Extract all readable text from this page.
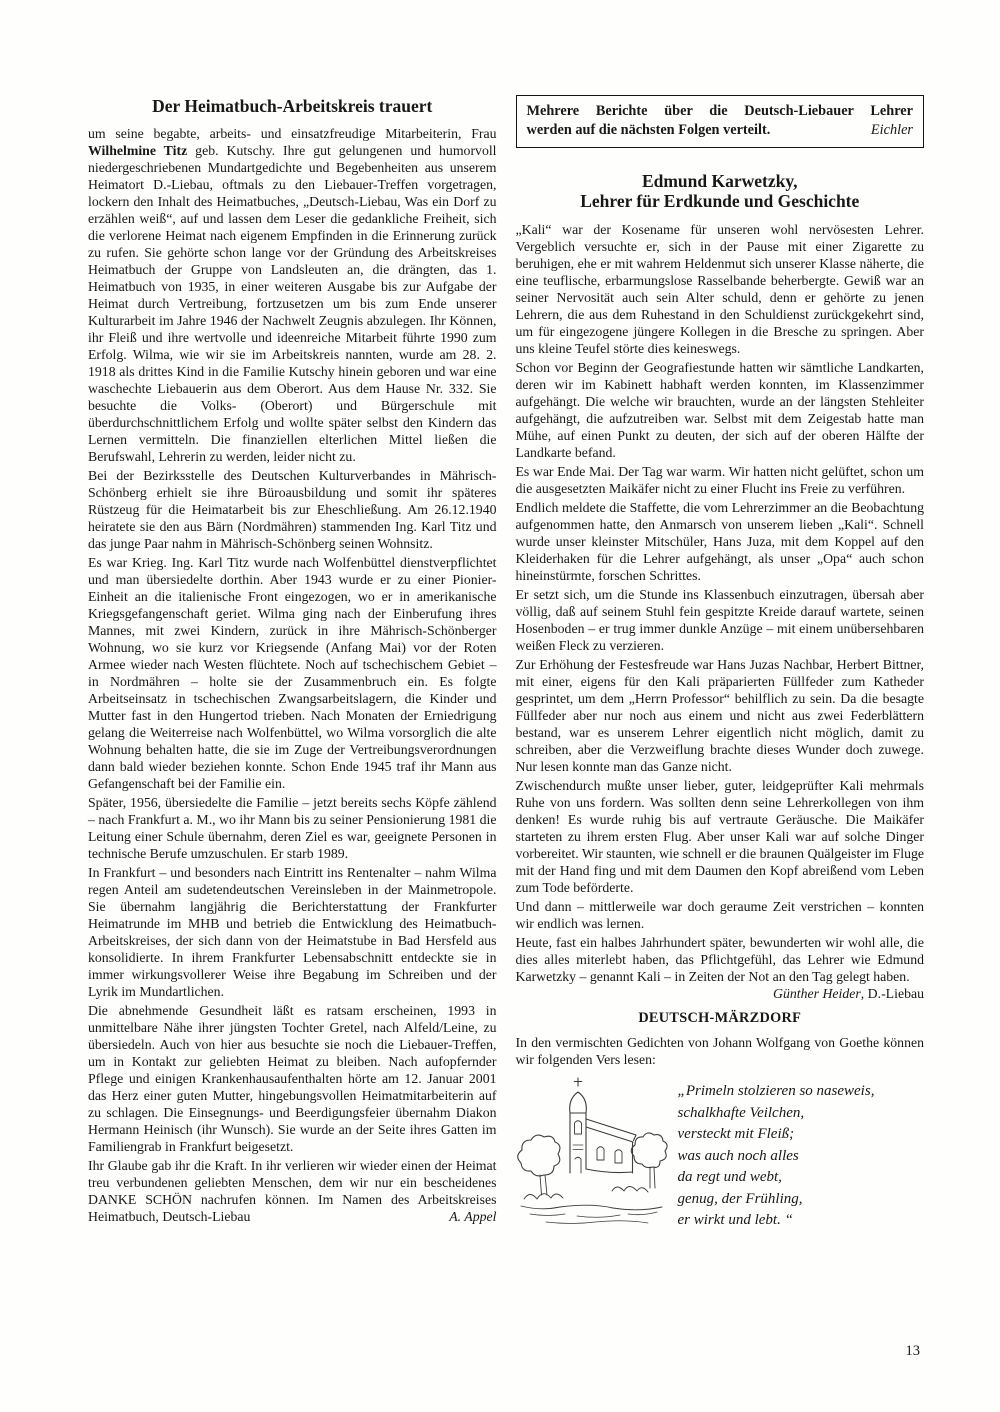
Der Heimatbuch-Arbeitskreis trauert

um seine begabte, arbeits- und einsatzfreudige Mitarbeiterin, Frau Wilhelmine Titz geb. Kutschy. Ihre gut gelungenen und humorvoll niedergeschriebenen Mundartgedichte und Begebenheiten aus unserem Heimatort D.-Liebau, oftmals zu den Liebauer-Treffen vorgetragen, lockern den Inhalt des Heimatbuches, „Deutsch-Liebau, Was ein Dorf zu erzählen weiß“, auf und lassen dem Leser die gedankliche Freiheit, sich die verlorene Heimat nach eigenem Empfinden in die Erinnerung zurück zu rufen. Sie gehörte schon lange vor der Gründung des Arbeitskreises Heimatbuch der Gruppe von Landsleuten an, die drängten, das 1. Heimatbuch von 1935, in einer weiteren Ausgabe bis zur Aufgabe der Heimat durch Vertreibung, fortzusetzen um bis zum Ende unserer Kulturarbeit im Jahre 1946 der Nachwelt Zeugnis abzulegen. Ihr Können, ihr Fleiß und ihre wertvolle und ideenreiche Mitarbeit führte 1990 zum Erfolg. Wilma, wie wir sie im Arbeitskreis nannten, wurde am 28. 2. 1918 als drittes Kind in die Familie Kutschy hinein geboren und war eine waschechte Liebauerin aus dem Oberort. Aus dem Hause Nr. 332. Sie besuchte die Volks- (Oberort) und Bürgerschule mit überdurchschnittlichem Erfolg und wollte später selbst den Kindern das Lernen vermitteln. Die finanziellen elterlichen Mittel ließen die Berufswahl, Lehrerin zu werden, leider nicht zu.

Bei der Bezirksstelle des Deutschen Kulturverbandes in Mährisch-Schönberg erhielt sie ihre Büroausbildung und somit ihr späteres Rüstzeug für die Heimatarbeit bis zur Eheschließung. Am 26.12.1940 heiratete sie den aus Bärn (Nordmähren) stammenden Ing. Karl Titz und das junge Paar nahm in Mährisch-Schönberg seinen Wohnsitz.

Es war Krieg. Ing. Karl Titz wurde nach Wolfenbüttel dienstverpflichtet und man übersiedelte dorthin. Aber 1943 wurde er zu einer Pionier-Einheit an die italienische Front eingezogen, wo er in amerikanische Kriegsgefangenschaft geriet. Wilma ging nach der Einberufung ihres Mannes, mit zwei Kindern, zurück in ihre Mährisch-Schönberger Wohnung, wo sie kurz vor Kriegsende (Anfang Mai) vor der Roten Armee wieder nach Westen flüchtete. Noch auf tschechischem Gebiet – in Nordmähren – holte sie der Zusammenbruch ein. Es folgte Arbeitseinsatz in tschechischen Zwangsarbeitslagern, die Kinder und Mutter fast in den Hungertod trieben. Nach Monaten der Erniedrigung gelang die Weiterreise nach Wolfenbüttel, wo Wilma vorsorglich die alte Wohnung behalten hatte, die sie im Zuge der Vertreibungsverordnungen dann bald wieder beziehen konnte. Schon Ende 1945 traf ihr Mann aus Gefangenschaft bei der Familie ein.

Später, 1956, übersiedelte die Familie – jetzt bereits sechs Köpfe zählend – nach Frankfurt a. M., wo ihr Mann bis zu seiner Pensionierung 1981 die Leitung einer Schule übernahm, deren Ziel es war, geeignete Personen in technische Berufe umzuschulen. Er starb 1989.

In Frankfurt – und besonders nach Eintritt ins Rentenalter – nahm Wilma regen Anteil am sudetendeutschen Vereinsleben in der Mainmetropole. Sie übernahm langjährig die Berichterstattung der Frankfurter Heimatrunde im MHB und betrieb die Entwicklung des Heimatbuch-Arbeitskreises, der sich dann von der Heimatstube in Bad Hersfeld aus konsolidierte. In ihrem Frankfurter Lebensabschnitt entdeckte sie in immer wirkungsvollerer Weise ihre Begabung im Schreiben und der Lyrik im Mundartlichen.

Die abnehmende Gesundheit läßt es ratsam erscheinen, 1993 in unmittelbare Nähe ihrer jüngsten Tochter Gretel, nach Alfeld/Leine, zu übersiedeln. Auch von hier aus besuchte sie noch die Liebauer-Treffen, um in Kontakt zur geliebten Heimat zu bleiben. Nach aufopfernder Pflege und einigen Krankenhausaufenthalten hörte am 12. Januar 2001 das Herz einer guten Mutter, hingebungsvollen Heimatmitarbeiterin auf zu schlagen. Die Einsegnungs- und Beerdigungsfeier übernahm Diakon Hermann Heinisch (ihr Wunsch). Sie wurde an der Seite ihres Gatten im Familiengrab in Frankfurt beigesetzt.

Ihr Glaube gab ihr die Kraft. In ihr verlieren wir wieder einen der Heimat treu verbundenen geliebten Menschen, dem wir nur ein bescheidenes DANKE SCHÖN nachrufen können. Im Namen des Arbeitskreises Heimatbuch, Deutsch-Liebau	A. Appel

Mehrere Berichte über die Deutsch-Liebauer Lehrer
werden auf die nächsten Folgen verteilt.	Eichler
Edmund Karwetzky,
Lehrer für Erdkunde und Geschichte

„Kali“ war der Kosename für unseren wohl nervösesten Lehrer. Vergeblich versuchte er, sich in der Pause mit einer Zigarette zu beruhigen, ehe er mit wahrem Heldenmut sich unserer Klasse näherte, die eine teuflische, erbarmungslose Rasselbande beherbergte. Gewiß war an seiner Nervosität auch sein Alter schuld, denn er gehörte zu jenen Lehrern, die aus dem Ruhestand in den Schuldienst zurückgekehrt sind, um für eingezogene jüngere Kollegen in die Bresche zu springen. Aber uns kleine Teufel störte dies keineswegs.

Schon vor Beginn der Geografiestunde hatten wir sämtliche Landkarten, deren wir im Kabinett habhaft werden konnten, im Klassenzimmer aufgehängt. Die welche wir brauchten, wurde an der längsten Stehleiter aufgehängt, die aufzutreiben war. Selbst mit dem Zeigestab hatte man Mühe, auf einen Punkt zu deuten, der sich auf der oberen Hälfte der Landkarte befand.

Es war Ende Mai. Der Tag war warm. Wir hatten nicht gelüftet, schon um die ausgesetzten Maikäfer nicht zu einer Flucht ins Freie zu verführen.

Endlich meldete die Staffette, die vom Lehrerzimmer an die Beobachtung aufgenommen hatte, den Anmarsch von unserem lieben „Kali“. Schnell wurde unser kleinster Mitschüler, Hans Juza, mit dem Koppel auf den Kleiderhaken für die Lehrer aufgehängt, als unser „Opa“ auch schon hineinstürmte, forschen Schrittes.

Er setzt sich, um die Stunde ins Klassenbuch einzutragen, übersah aber völlig, daß auf seinem Stuhl fein gespitzte Kreide darauf wartete, seinen Hosenboden – er trug immer dunkle Anzüge – mit einem unübersehbaren weißen Fleck zu verzieren.

Zur Erhöhung der Festesfreude war Hans Juzas Nachbar, Herbert Bittner, mit einer, eigens für den Kali präparierten Füllfeder zum Katheder gesprintet, um dem „Herrn Professor“ behilflich zu sein. Da die besagte Füllfeder aber nur noch aus einem und nicht aus zwei Federblättern bestand, war es unserem Lehrer eigentlich nicht möglich, damit zu schreiben, aber die Verzweiflung brachte dieses Wunder doch zuwege. Nur lesen konnte man das Ganze nicht.

Zwischendurch mußte unser lieber, guter, leidgeprüfter Kali mehrmals Ruhe von uns fordern. Was sollten denn seine Lehrerkollegen von ihm denken! Es wurde ruhig bis auf vertraute Geräusche. Die Maikäfer starteten zu ihrem ersten Flug. Aber unser Kali war auf solche Dinger vorbereitet. Wir staunten, wie schnell er die braunen Quälgeister im Fluge mit der Hand fing und mit dem Daumen den Kopf abreißend vom Leben zum Tode beförderte.

Und dann – mittlerweile war doch geraume Zeit verstrichen – konnten wir endlich was lernen.

Heute, fast ein halbes Jahrhundert später, bewunderten wir wohl alle, die dies alles miterlebt haben, das Pflichtgefühl, das Lehrer wie Edmund Karwetzky – genannt Kali – in Zeiten der Not an den Tag gelegt haben.
Günther Heider, D.-Liebau

DEUTSCH-MÄRZDORF

In den vermischten Gedichten von Johann Wolfgang von Goethe können wir folgenden Vers lesen:

„Primeln stolzieren so naseweis,
schalkhafte Veilchen,
versteckt mit Fleiß;
was auch noch alles
da regt und webt,
genug, der Frühling,
er wirkt und lebt. “
13
